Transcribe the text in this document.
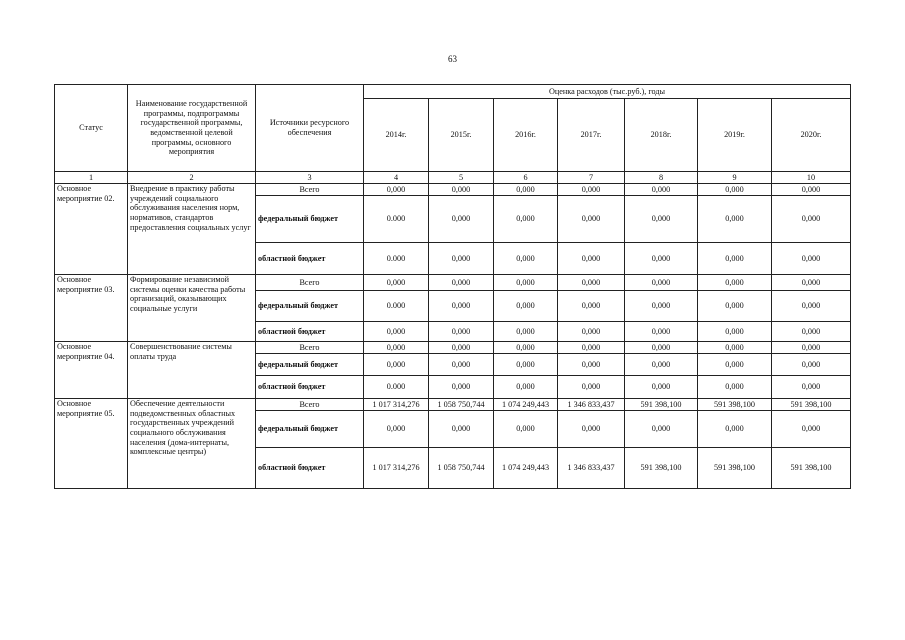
63
Статус	Наименование государственной программы, подпрограммы государственной программы, ведомственной целевой программы, основного мероприятия	Источники ресурсного обеспечения	Оценка расходов (тыс.руб.), годы						
			2014г.	2015г.	2016г.	2017г.	2018г.	2019г.	2020г.
1	2	3	4	5	6	7	8	9	10
Основное мероприятие 02.	Внедрение в практику работы учреждений социального обслуживания населения норм, нормативов, стандартов предоставления социальных услуг	Всего	0,000	0,000	0,000	0,000	0,000	0,000	0,000
		федеральный бюджет	0.000	0,000	0,000	0,000	0,000	0,000	0,000
		областной бюджет	0.000	0,000	0,000	0,000	0,000	0,000	0,000
Основное мероприятие 03.	Формирование независимой системы оценки качества работы организаций, оказывающих социальные услуги	Всего	0,000	0,000	0,000	0,000	0,000	0,000	0,000
		федеральный бюджет	0.000	0,000	0,000	0,000	0,000	0,000	0,000
		областной бюджет	0,000	0,000	0,000	0,000	0,000	0,000	0,000
Основное мероприятие 04.	Совершенствование системы оплаты труда	Всего	0,000	0,000	0,000	0,000	0,000	0,000	0,000
		федеральный бюджет	0,000	0,000	0,000	0,000	0,000	0,000	0,000
		областной бюджет	0.000	0,000	0,000	0,000	0,000	0,000	0,000
Основное мероприятие 05.	Обеспечение деятельности подведомственных областных государственных учреждений социального обслуживания населения (дома-интернаты, комплексные центры)	Всего	1 017 314,276	1 058 750,744	1 074 249,443	1 346 833,437	591 398,100	591 398,100	591 398,100
		федеральный бюджет	0,000	0,000	0,000	0,000	0,000	0,000	0,000
		областной бюджет	1 017 314,276	1 058 750,744	1 074 249,443	1 346 833,437	591 398,100	591 398,100	591 398,100
